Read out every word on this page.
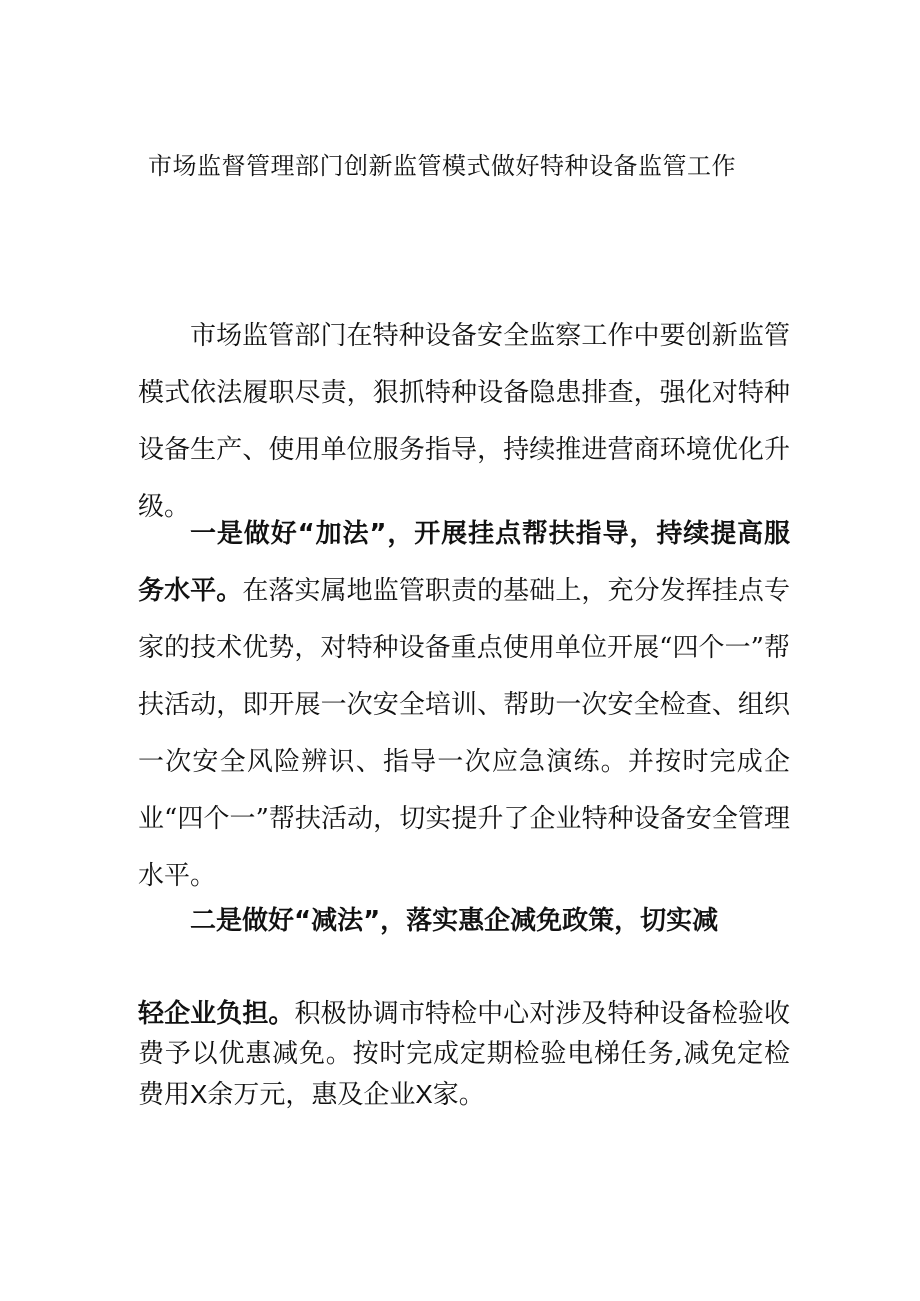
市场监督管理部门创新监管模式做好特种设备监管工作

市场监管部门在特种设备安全监察工作中要创新监管模式依法履职尽责，狠抓特种设备隐患排查，强化对特种设备生产、使用单位服务指导，持续推进营商环境优化升级。

一是做好“加法”，开展挂点帮扶指导，持续提高服务水平。在落实属地监管职责的基础上，充分发挥挂点专家的技术优势，对特种设备重点使用单位开展“四个一”帮扶活动，即开展一次安全培训、帮助一次安全检查、组织一次安全风险辨识、指导一次应急演练。并按时完成企业“四个一”帮扶活动，切实提升了企业特种设备安全管理水平。

二是做好“减法”，落实惠企减免政策，切实减

轻企业负担。积极协调市特检中心对涉及特种设备检验收费予以优惠减免。按时完成定期检验电梯任务,减免定检费用X余万元，惠及企业X家。
